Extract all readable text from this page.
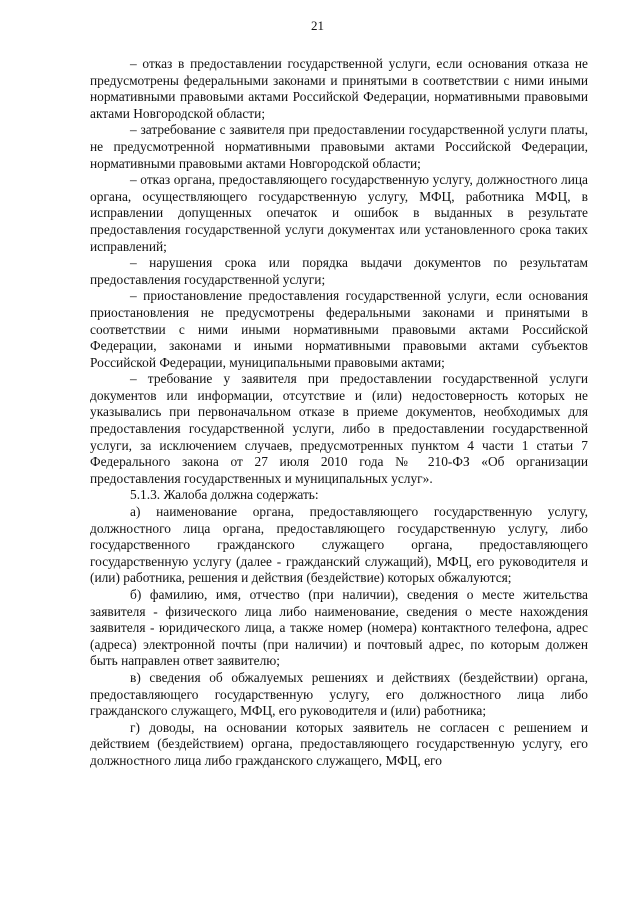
21

– отказ в предоставлении государственной услуги, если основания отказа не предусмотрены федеральными законами и принятыми в соответствии с ними иными нормативными правовыми актами Российской Федерации, нормативными правовыми актами Новгородской области;

– затребование с заявителя при предоставлении государственной услуги платы, не предусмотренной нормативными правовыми актами Российской Федерации, нормативными правовыми актами Новгородской области;

– отказ органа, предоставляющего государственную услугу, должностного лица органа, осуществляющего государственную услугу, МФЦ, работника МФЦ, в исправлении допущенных опечаток и ошибок в выданных в результате предоставления государственной услуги документах или установленного срока таких исправлений;

– нарушения срока или порядка выдачи документов по результатам предоставления государственной услуги;

– приостановление предоставления государственной услуги, если основания приостановления не предусмотрены федеральными законами и принятыми в соответствии с ними иными нормативными правовыми актами Российской Федерации, законами и иными нормативными правовыми актами субъектов Российской Федерации, муниципальными правовыми актами;

– требование у заявителя при предоставлении государственной услуги документов или информации, отсутствие и (или) недостоверность которых не указывались при первоначальном отказе в приеме документов, необходимых для предоставления государственной услуги, либо в предоставлении государственной услуги, за исключением случаев, предусмотренных пунктом 4 части 1 статьи 7 Федерального закона от 27 июля 2010 года № 210-ФЗ «Об организации предоставления государственных и муниципальных услуг».

5.1.3. Жалоба должна содержать:

а) наименование органа, предоставляющего государственную услугу, должностного лица органа, предоставляющего государственную услугу, либо государственного гражданского служащего органа, предоставляющего государственную услугу (далее - гражданский служащий), МФЦ, его руководителя и (или) работника, решения и действия (бездействие) которых обжалуются;

б) фамилию, имя, отчество (при наличии), сведения о месте жительства заявителя - физического лица либо наименование, сведения о месте нахождения заявителя - юридического лица, а также номер (номера) контактного телефона, адрес (адреса) электронной почты (при наличии) и почтовый адрес, по которым должен быть направлен ответ заявителю;

в) сведения об обжалуемых решениях и действиях (бездействии) органа, предоставляющего государственную услугу, его должностного лица либо гражданского служащего, МФЦ, его руководителя и (или) работника;

г) доводы, на основании которых заявитель не согласен с решением и действием (бездействием) органа, предоставляющего государственную услугу, его должностного лица либо гражданского служащего, МФЦ, его
